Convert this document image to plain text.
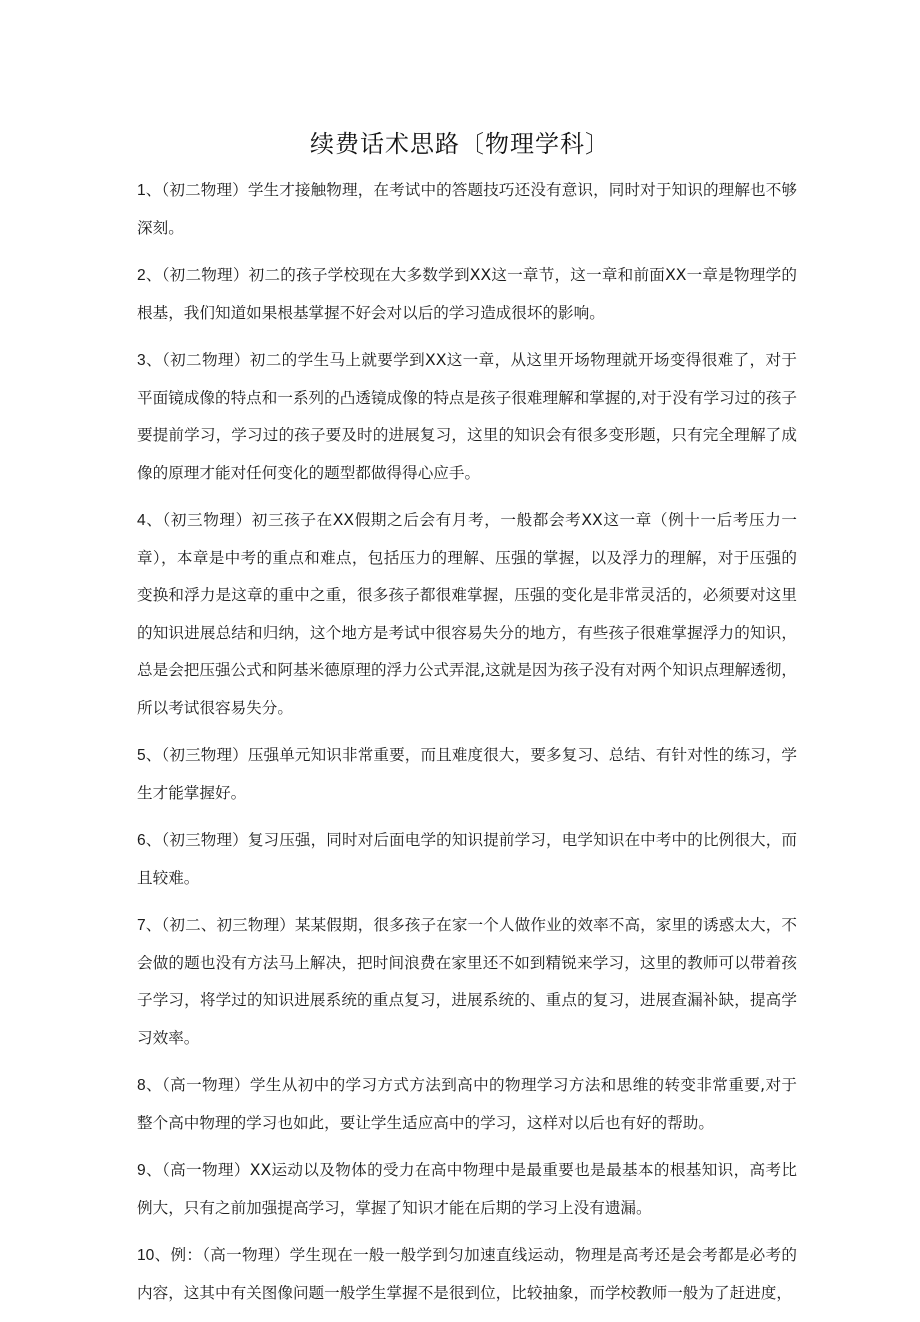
续费话术思路〔物理学科〕

1、（初二物理）学生才接触物理，在考试中的答题技巧还没有意识，同时对于知识的理解也不够深刻。

2、（初二物理）初二的孩子学校现在大多数学到XX这一章节，这一章和前面XX一章是物理学的根基，我们知道如果根基掌握不好会对以后的学习造成很坏的影响。

3、（初二物理）初二的学生马上就要学到XX这一章，从这里开场物理就开场变得很难了，对于平面镜成像的特点和一系列的凸透镜成像的特点是孩子很难理解和掌握的,对于没有学习过的孩子要提前学习，学习过的孩子要及时的进展复习，这里的知识会有很多变形题，只有完全理解了成像的原理才能对任何变化的题型都做得得心应手。

4、（初三物理）初三孩子在XX假期之后会有月考，一般都会考XX这一章（例十一后考压力一章），本章是中考的重点和难点，包括压力的理解、压强的掌握，以及浮力的理解，对于压强的变换和浮力是这章的重中之重，很多孩子都很难掌握，压强的变化是非常灵活的，必须要对这里的知识进展总结和归纳，这个地方是考试中很容易失分的地方，有些孩子很难掌握浮力的知识，总是会把压强公式和阿基米德原理的浮力公式弄混,这就是因为孩子没有对两个知识点理解透彻，所以考试很容易失分。

5、（初三物理）压强单元知识非常重要，而且难度很大，要多复习、总结、有针对性的练习，学生才能掌握好。

6、（初三物理）复习压强，同时对后面电学的知识提前学习，电学知识在中考中的比例很大，而且较难。

7、（初二、初三物理）某某假期，很多孩子在家一个人做作业的效率不高，家里的诱惑太大，不会做的题也没有方法马上解决，把时间浪费在家里还不如到精锐来学习，这里的教师可以带着孩子学习，将学过的知识进展系统的重点复习，进展系统的、重点的复习，进展查漏补缺，提高学习效率。

8、（高一物理）学生从初中的学习方式方法到高中的物理学习方法和思维的转变非常重要,对于整个高中物理的学习也如此，要让学生适应高中的学习，这样对以后也有好的帮助。

9、（高一物理）XX运动以及物体的受力在高中物理中是最重要也是最基本的根基知识，高考比例大，只有之前加强提高学习，掌握了知识才能在后期的学习上没有遗漏。

10、例：（高一物理）学生现在一般一般学到匀加速直线运动，物理是高考还是会考都是必考的内容，这其中有关图像问题一般学生掌握不是很到位，比较抽象，而学校教师一般为了赶进度，
